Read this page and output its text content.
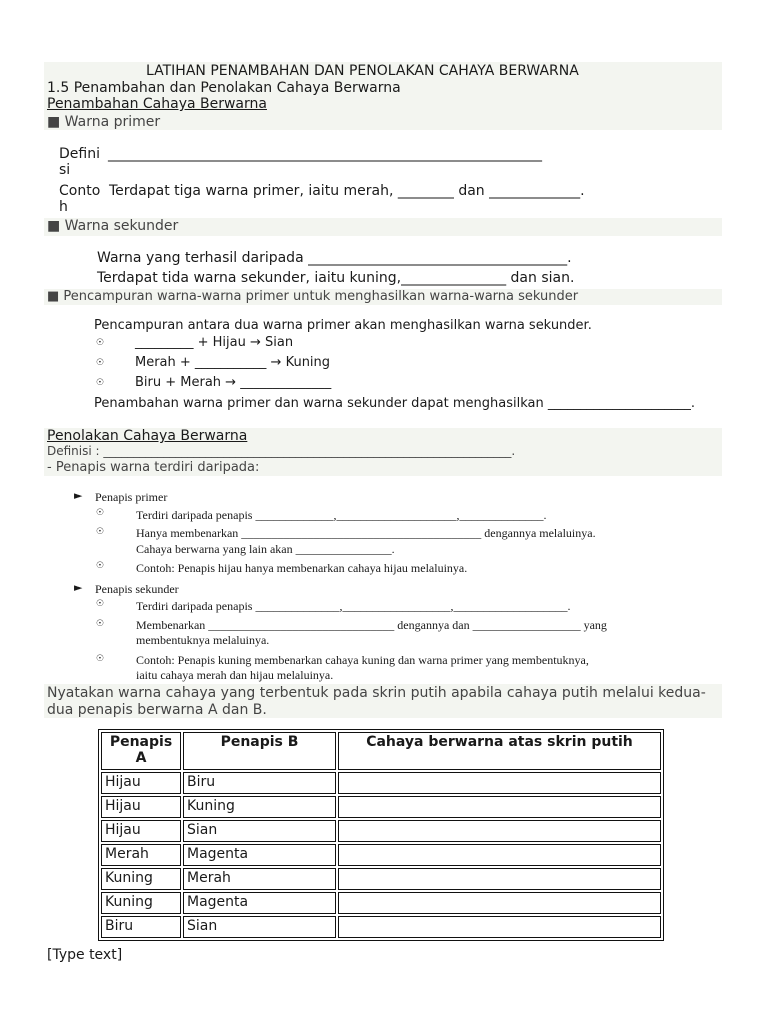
LATIHAN PENAMBAHAN DAN PENOLAKAN CAHAYA BERWARNA
1.5 Penambahan dan Penolakan Cahaya Berwarna
Penambahan Cahaya Berwarna
■ Warna primer
Defini
si
______________________________________________________________
Conto
h
Terdapat tiga warna primer, iaitu merah, ________ dan _____________.
■ Warna sekunder
Warna yang terhasil daripada _____________________________________.
Terdapat tida warna sekunder, iaitu kuning,_______________ dan sian.
■ Pencampuran warna-warna primer untuk menghasilkan warna-warna sekunder
Pencampuran antara dua warna primer akan menghasilkan warna sekunder.
☉ _________ + Hijau → Sian
☉ Merah + ___________ → Kuning
☉ Biru + Merah → ______________
Penambahan warna primer dan warna sekunder dapat menghasilkan ______________________.
Penolakan Cahaya Berwarna
Definisi : ____________________________________________________________________.
- Penapis warna terdiri daripada:
► Penapis primer
☉	Terdiri daripada penapis _____________,____________________,______________.
☉	Hanya membenarkan ________________________________________ dengannya melaluinya.
Cahaya berwarna yang lain akan ________________.
☉	Contoh: Penapis hijau hanya membenarkan cahaya hijau melaluinya.
► Penapis sekunder
☉	Terdiri daripada penapis ______________,__________________,___________________.
☉	Membenarkan _______________________________ dengannya dan __________________ yang
membentuknya melaluinya.
☉	Contoh: Penapis kuning membenarkan cahaya kuning dan warna primer yang membentuknya,
iaitu cahaya merah dan hijau melaluinya.
Nyatakan warna cahaya yang terbentuk pada skrin putih apabila cahaya putih melalui kedua-
dua penapis berwarna A dan B.
Penapis A	Penapis B	Cahaya berwarna atas skrin putih
Hijau	Biru	
Hijau	Kuning	
Hijau	Sian	
Merah	Magenta	
Kuning	Merah	
Kuning	Magenta	
Biru	Sian	
[Type text]
